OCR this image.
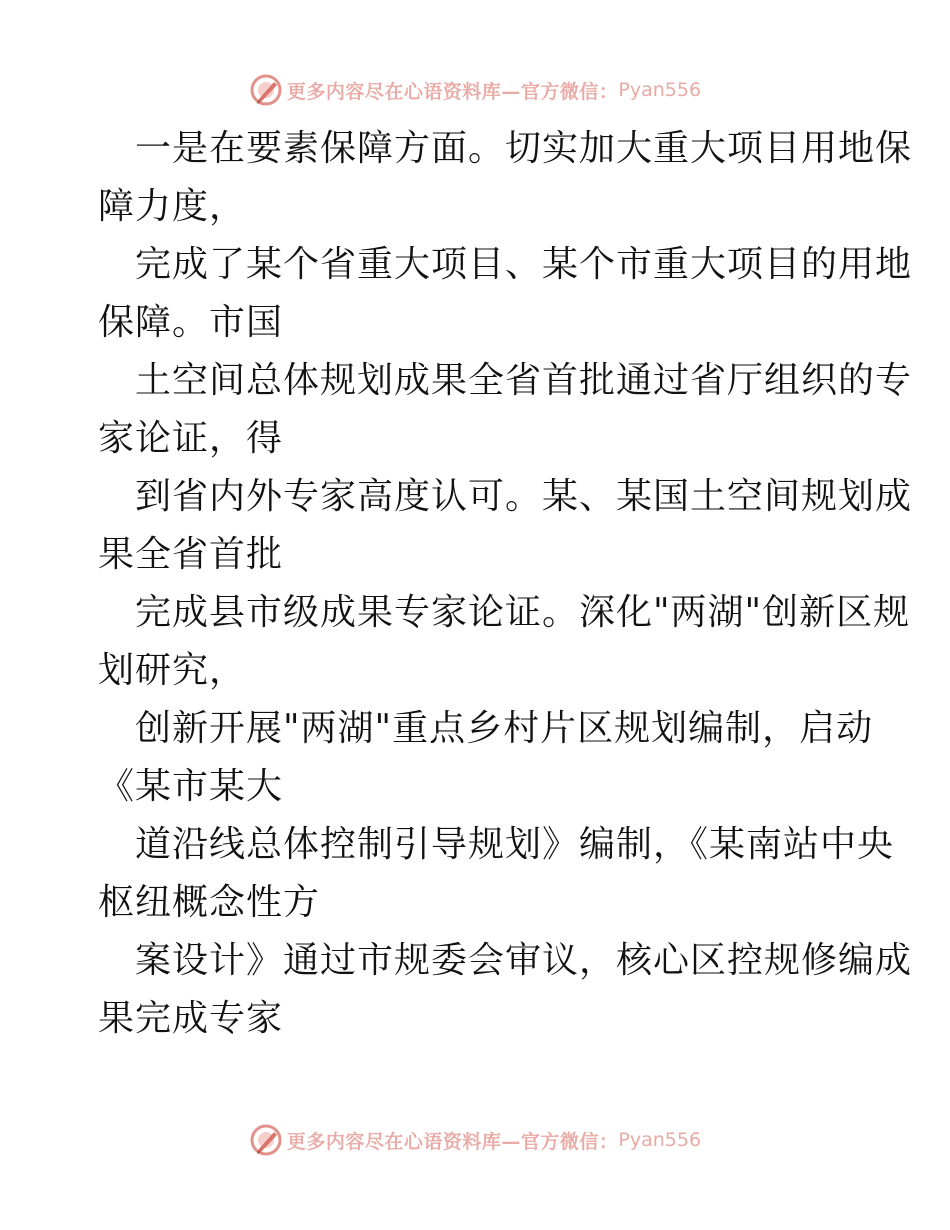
更多内容尽在心语资料库—官方微信： Pyan556
一是在要素保障方面。切实加大重大项目用地保
障力度，
完成了某个省重大项目、某个市重大项目的用地
保障。市国
土空间总体规划成果全省首批通过省厅组织的专
家论证，得
到省内外专家高度认可。某、某国土空间规划成
果全省首批
完成县市级成果专家论证。深化"两湖"创新区规
划研究，
创新开展"两湖"重点乡村片区规划编制，启动
《某市某大
道沿线总体控制引导规划》编制，《某南站中央
枢纽概念性方
案设计》通过市规委会审议，核心区控规修编成
果完成专家
更多内容尽在心语资料库—官方微信： Pyan556
